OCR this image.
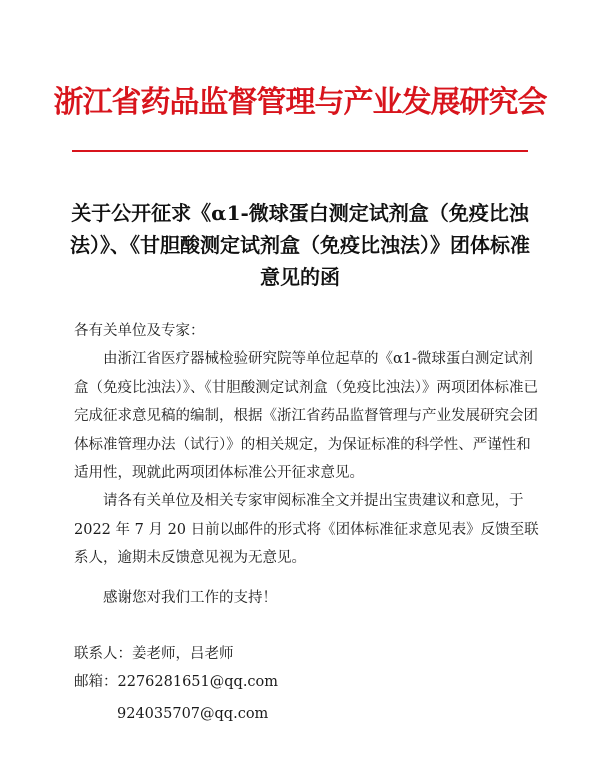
浙江省药品监督管理与产业发展研究会
关于公开征求《α1-微球蛋白测定试剂盒（免疫比浊法）》、《甘胆酸测定试剂盒（免疫比浊法）》团体标准意见的函
各有关单位及专家：
由浙江省医疗器械检验研究院等单位起草的《α1-微球蛋白测定试剂盒（免疫比浊法）》、《甘胆酸测定试剂盒（免疫比浊法）》两项团体标准已完成征求意见稿的编制，根据《浙江省药品监督管理与产业发展研究会团体标准管理办法（试行）》的相关规定，为保证标准的科学性、严谨性和适用性，现就此两项团体标准公开征求意见。
请各有关单位及相关专家审阅标准全文并提出宝贵建议和意见，于 2022 年 7 月 20 日前以邮件的形式将《团体标准征求意见表》反馈至联系人，逾期未反馈意见视为无意见。
感谢您对我们工作的支持！
联系人：姜老师，吕老师
邮箱：2276281651@qq.com
924035707@qq.com
